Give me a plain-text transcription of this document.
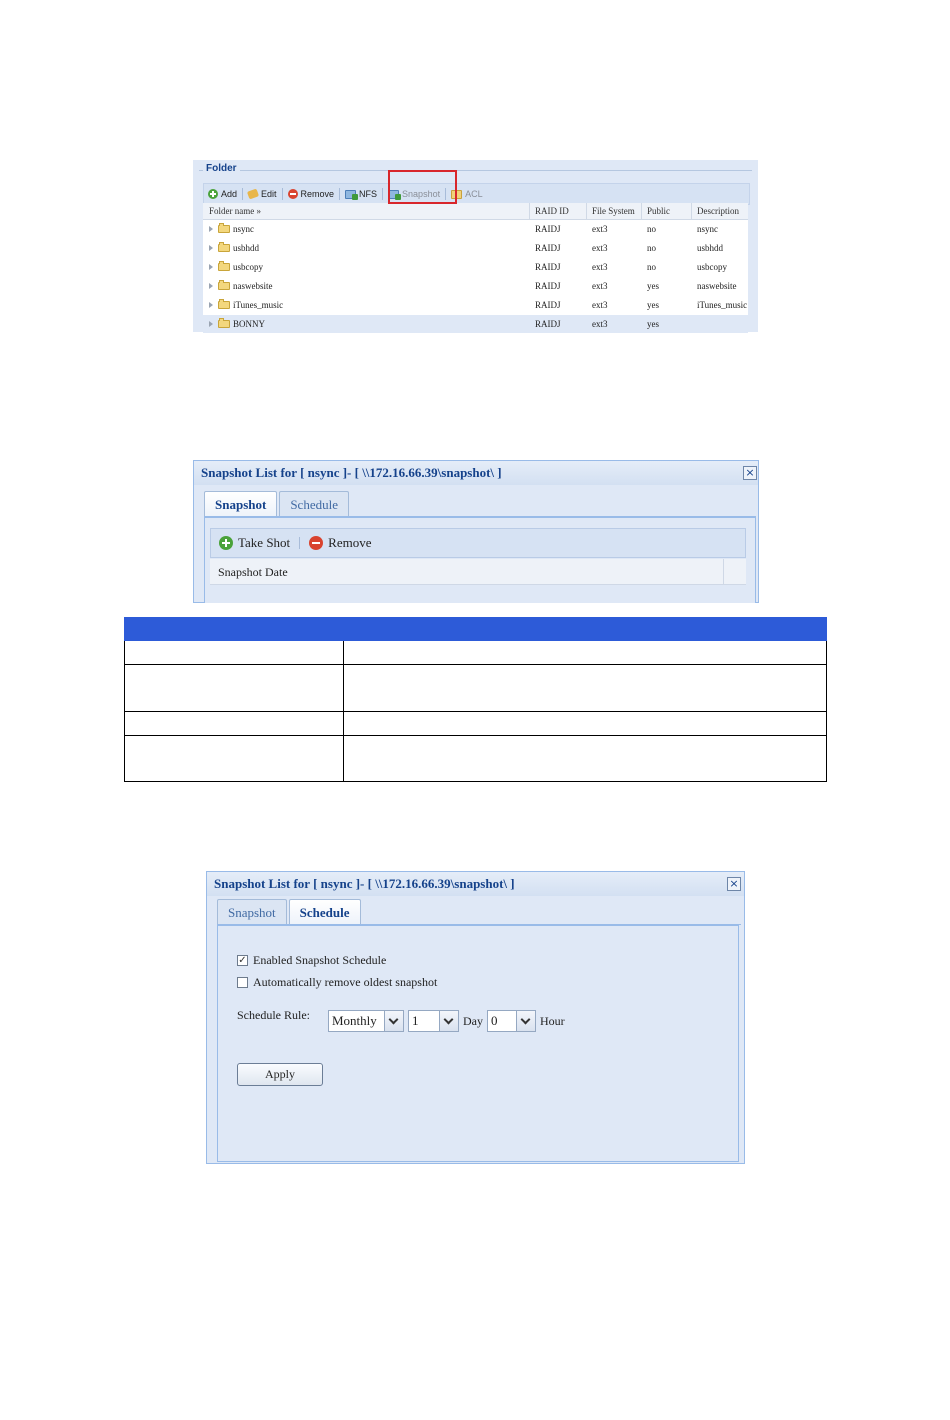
Folder
Add	Edit	Remove	NFS	Snapshot	ACL
Folder name »	RAID ID	File System	Public	Description
nsync	RAIDJ	ext3	no	nsync
usbhdd	RAIDJ	ext3	no	usbhdd
usbcopy	RAIDJ	ext3	no	usbcopy
naswebsite	RAIDJ	ext3	yes	naswebsite
iTunes_music	RAIDJ	ext3	yes	iTunes_music
BONNY	RAIDJ	ext3	yes
Snapshot List for [ nsync ]- [ \\172.16.66.39\snapshot\ ]	×
Snapshot	Schedule
Take Shot	Remove
Snapshot Date

Snapshot List for [ nsync ]- [ \\172.16.66.39\snapshot\ ]	×
Snapshot	Schedule
✓ Enabled Snapshot Schedule
Automatically remove oldest snapshot
Schedule Rule: Monthly	1	Day 0	Hour
Apply
